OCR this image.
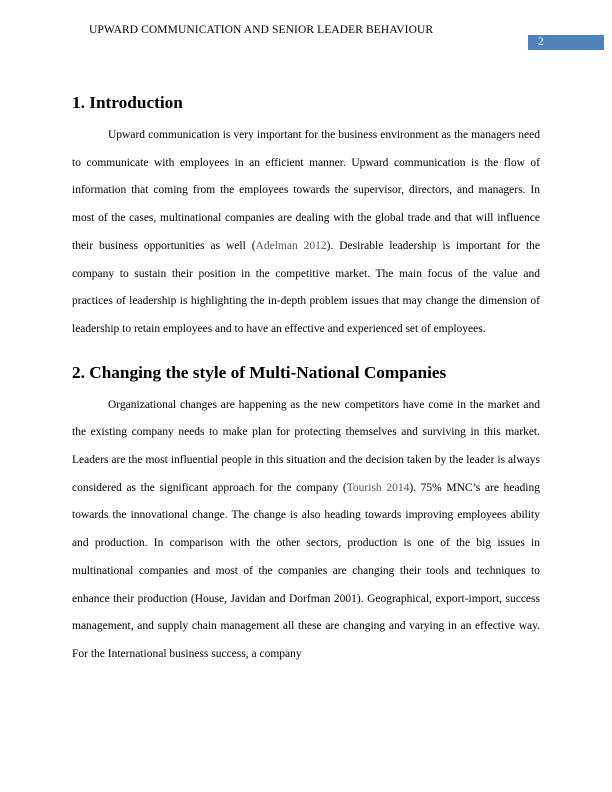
UPWARD COMMUNICATION AND SENIOR LEADER BEHAVIOUR
2
1. Introduction

Upward communication is very important for the business environment as the managers need to communicate with employees in an efficient manner. Upward communication is the flow of information that coming from the employees towards the supervisor, directors, and managers. In most of the cases, multinational companies are dealing with the global trade and that will influence their business opportunities as well (Adelman 2012). Desirable leadership is important for the company to sustain their position in the competitive market. The main focus of the value and practices of leadership is highlighting the in-depth problem issues that may change the dimension of leadership to retain employees and to have an effective and experienced set of employees.

2. Changing the style of Multi-National Companies

Organizational changes are happening as the new competitors have come in the market and the existing company needs to make plan for protecting themselves and surviving in this market. Leaders are the most influential people in this situation and the decision taken by the leader is always considered as the significant approach for the company (Tourish 2014). 75% MNC’s are heading towards the innovational change. The change is also heading towards improving employees ability and production. In comparison with the other sectors, production is one of the big issues in multinational companies and most of the companies are changing their tools and techniques to enhance their production (House, Javidan and Dorfman 2001). Geographical, export-import, success management, and supply chain management all these are changing and varying in an effective way. For the International business success, a company
